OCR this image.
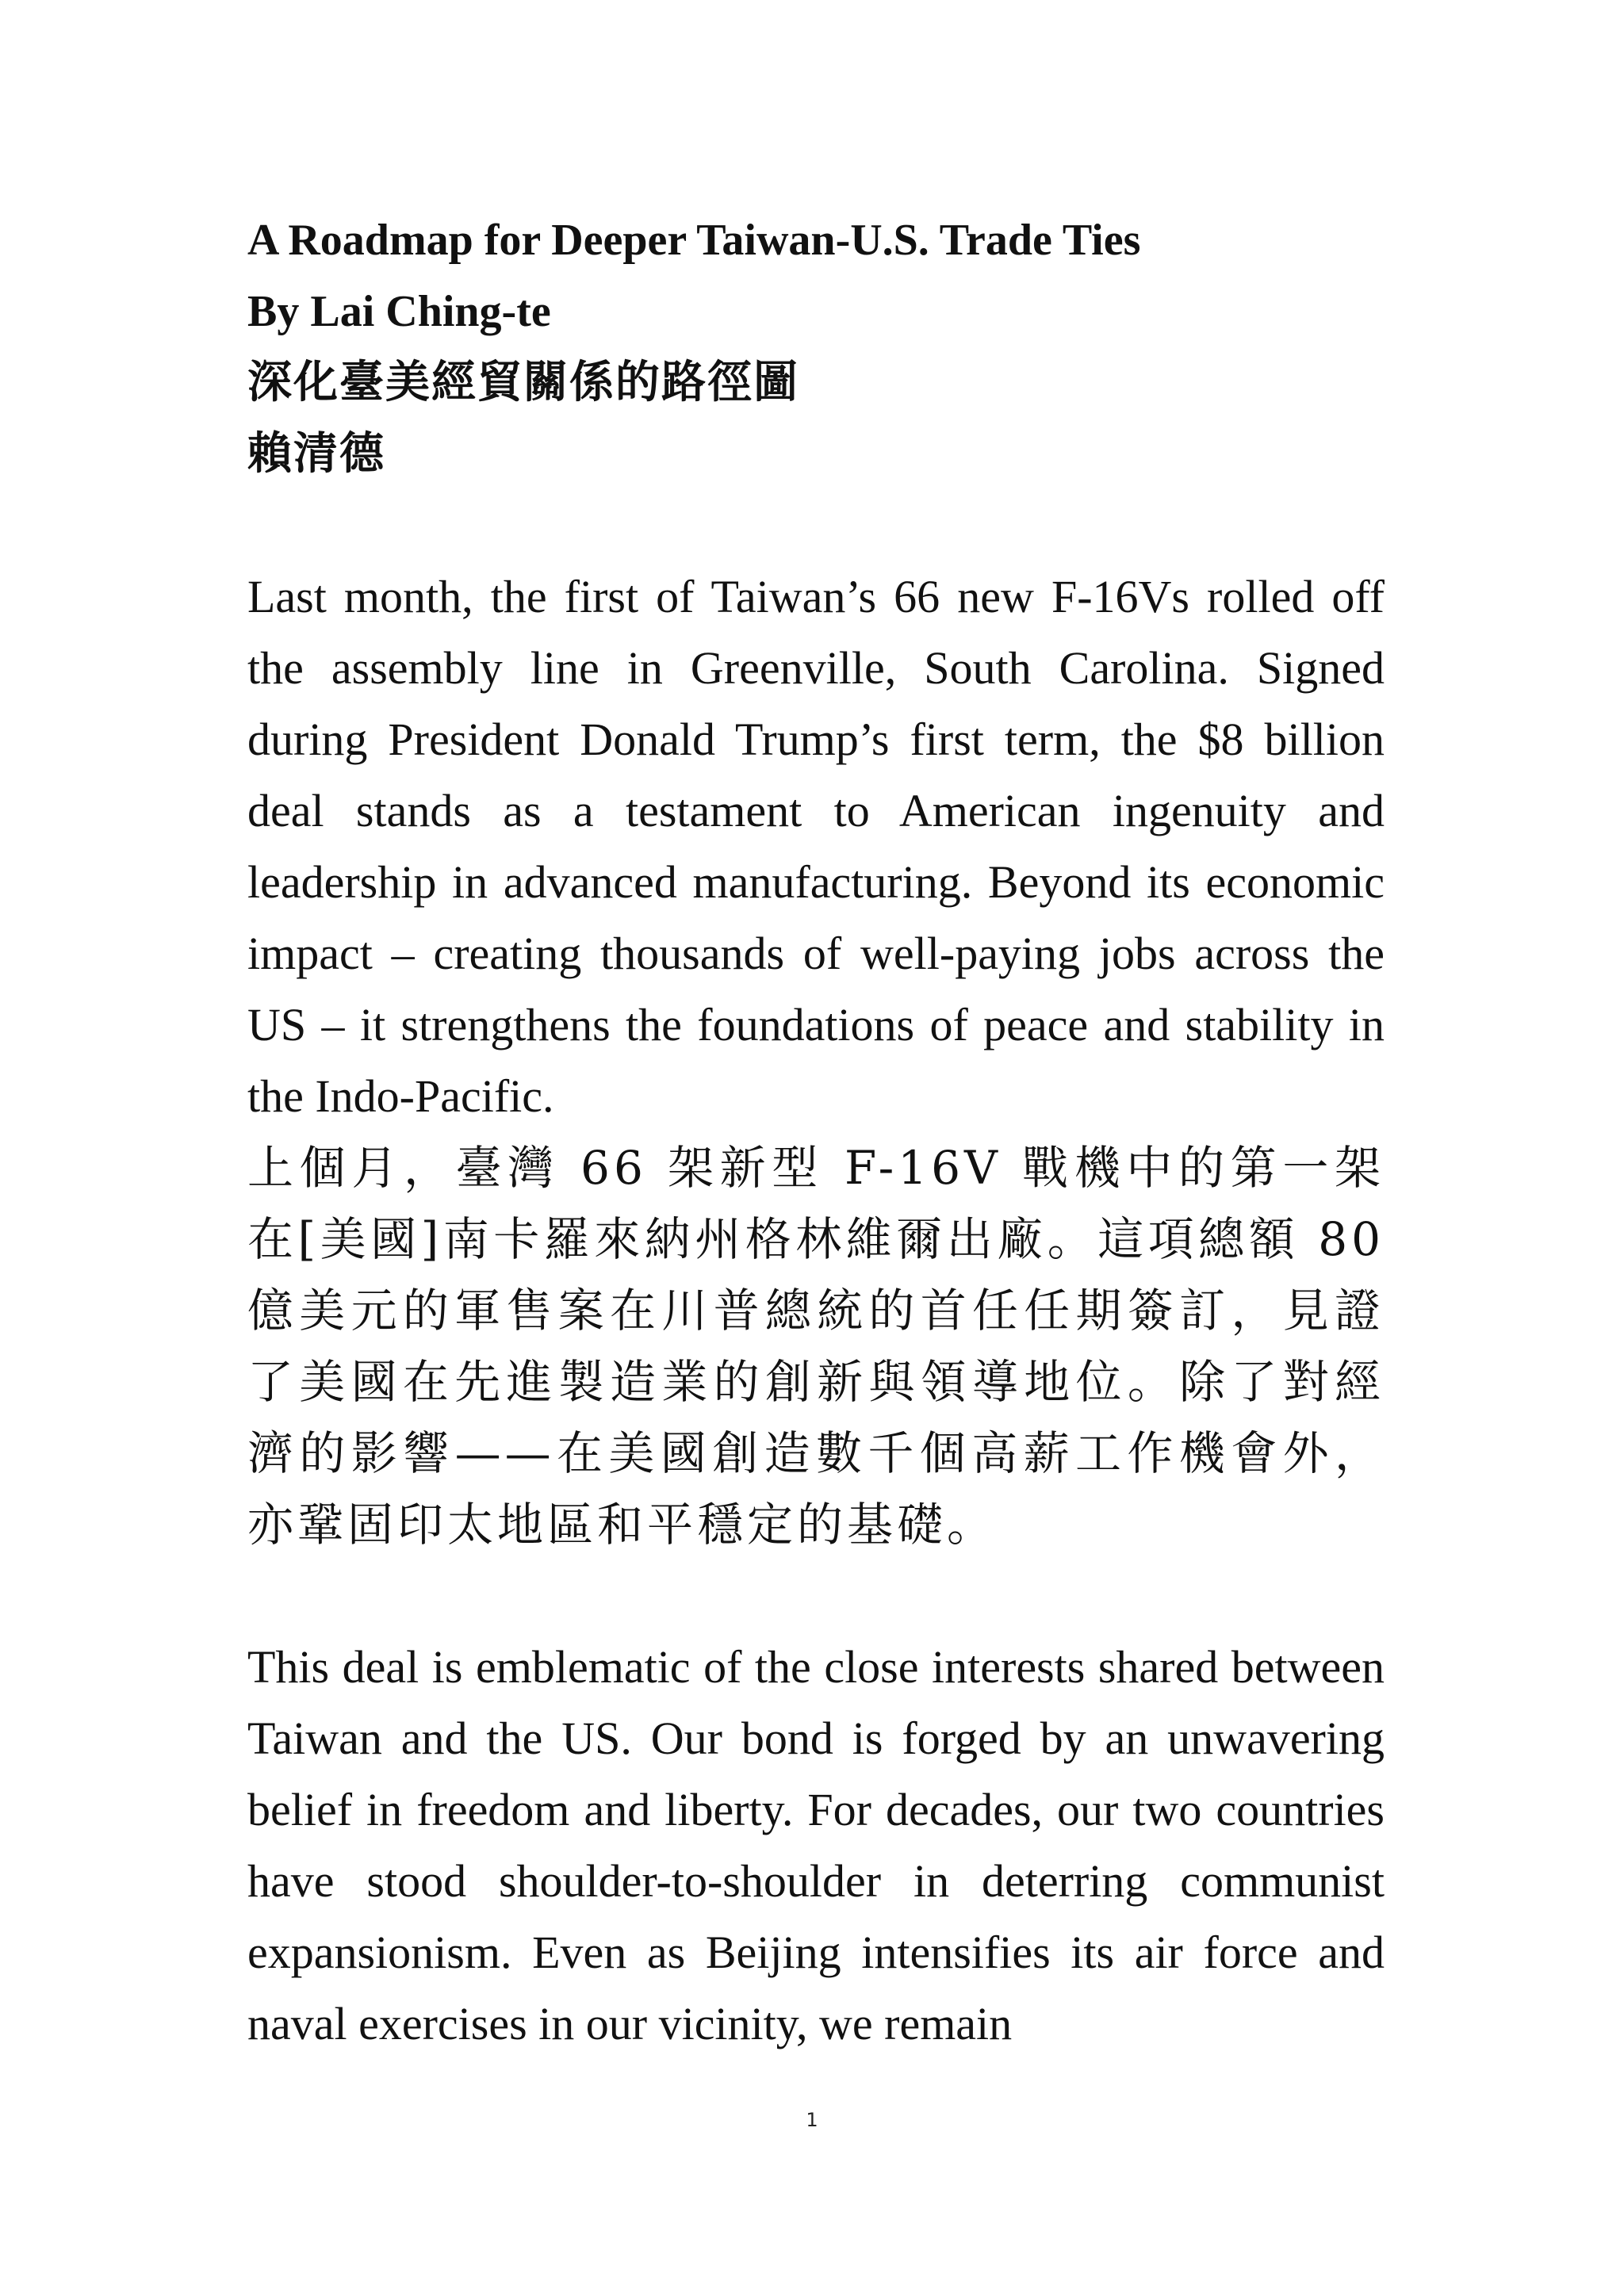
A Roadmap for Deeper Taiwan-U.S. Trade Ties
By Lai Ching-te
深化臺美經貿關係的路徑圖
賴清德

Last month, the first of Taiwan’s 66 new F-16Vs rolled off the assembly line in Greenville, South Carolina. Signed during President Donald Trump’s first term, the $8 billion deal stands as a testament to American ingenuity and leadership in advanced manufacturing. Beyond its economic impact – creating thousands of well-paying jobs across the US – it strengthens the foundations of peace and stability in the Indo-Pacific.

上個月，臺灣 66 架新型 F-16V 戰機中的第一架在[美國]南卡羅來納州格林維爾出廠。這項總額 80 億美元的軍售案在川普總統的首任任期簽訂，見證了美國在先進製造業的創新與領導地位。除了對經濟的影響——在美國創造數千個高薪工作機會外，亦鞏固印太地區和平穩定的基礎。

This deal is emblematic of the close interests shared between Taiwan and the US. Our bond is forged by an unwavering belief in freedom and liberty. For decades, our two countries have stood shoulder-to-shoulder in deterring communist expansionism. Even as Beijing intensifies its air force and naval exercises in our vicinity, we remain

1
